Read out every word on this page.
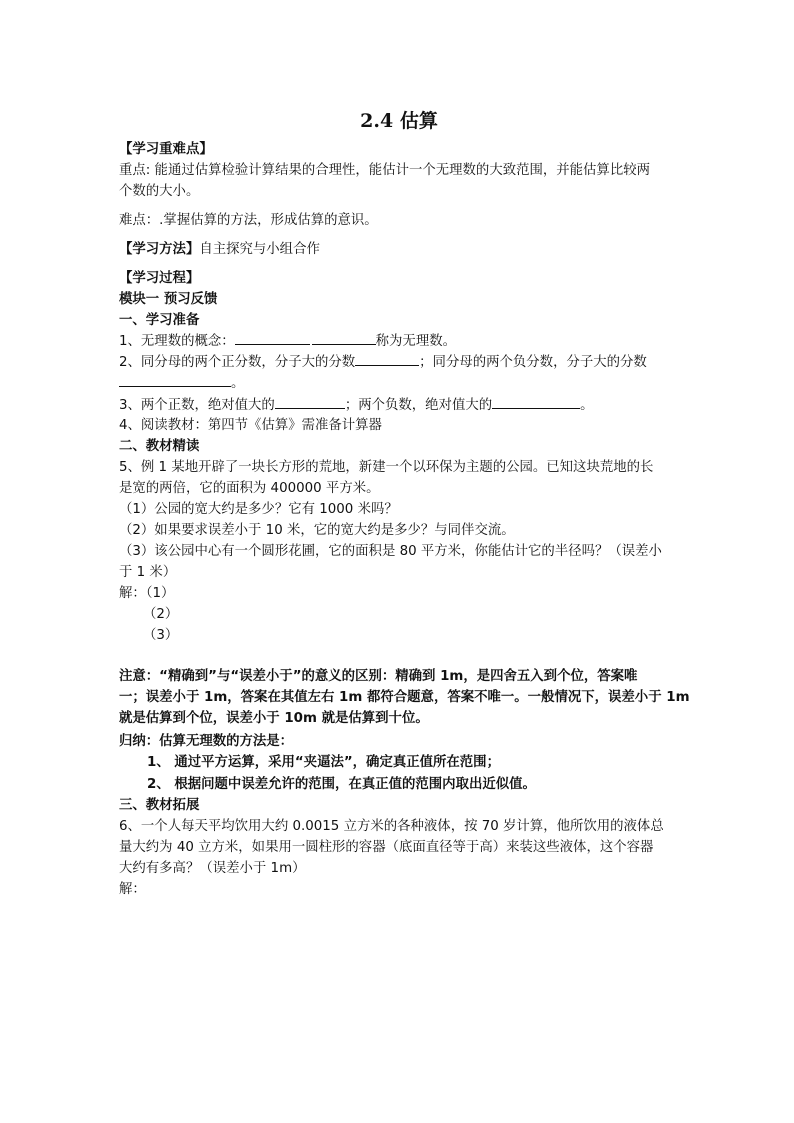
2.4 估算
【学习重难点】
重点: 能通过估算检验计算结果的合理性，能估计一个无理数的大致范围，并能估算比较两
个数的大小。
难点：.掌握估算的方法，形成估算的意识。
【学习方法】自主探究与小组合作
【学习过程】
模块一 预习反馈
一、学习准备
1、无理数的概念：	称为无理数。
2、同分母的两个正分数，分子大的分数	；同分母的两个负分数，分子大的分数
。
3、两个正数，绝对值大的	；两个负数，绝对值大的	。
4、阅读教材：第四节《估算》需准备计算器
二、教材精读
5、例 1 某地开辟了一块长方形的荒地，新建一个以环保为主题的公园。已知这块荒地的长
是宽的两倍，它的面积为 400000 平方米。
（1）公园的宽大约是多少？它有 1000 米吗？
（2）如果要求误差小于 10 米，它的宽大约是多少？与同伴交流。
（3）该公园中心有一个圆形花圃，它的面积是 80 平方米，你能估计它的半径吗？（误差小
于 1 米）
解：（1）
（2）
（3）
注意：“精确到”与“误差小于”的意义的区别：精确到 1m，是四舍五入到个位，答案唯
一；误差小于 1m，答案在其值左右 1m 都符合题意，答案不唯一。一般情况下，误差小于 1m
就是估算到个位，误差小于 10m 就是估算到十位。
归纳：估算无理数的方法是：
1、 通过平方运算，采用“夹逼法”，确定真正值所在范围；
2、 根据问题中误差允许的范围，在真正值的范围内取出近似值。
三、教材拓展
6、一个人每天平均饮用大约 0.0015 立方米的各种液体，按 70 岁计算，他所饮用的液体总
量大约为 40 立方米，如果用一圆柱形的容器（底面直径等于高）来装这些液体，这个容器
大约有多高？（误差小于 1m）
解：
